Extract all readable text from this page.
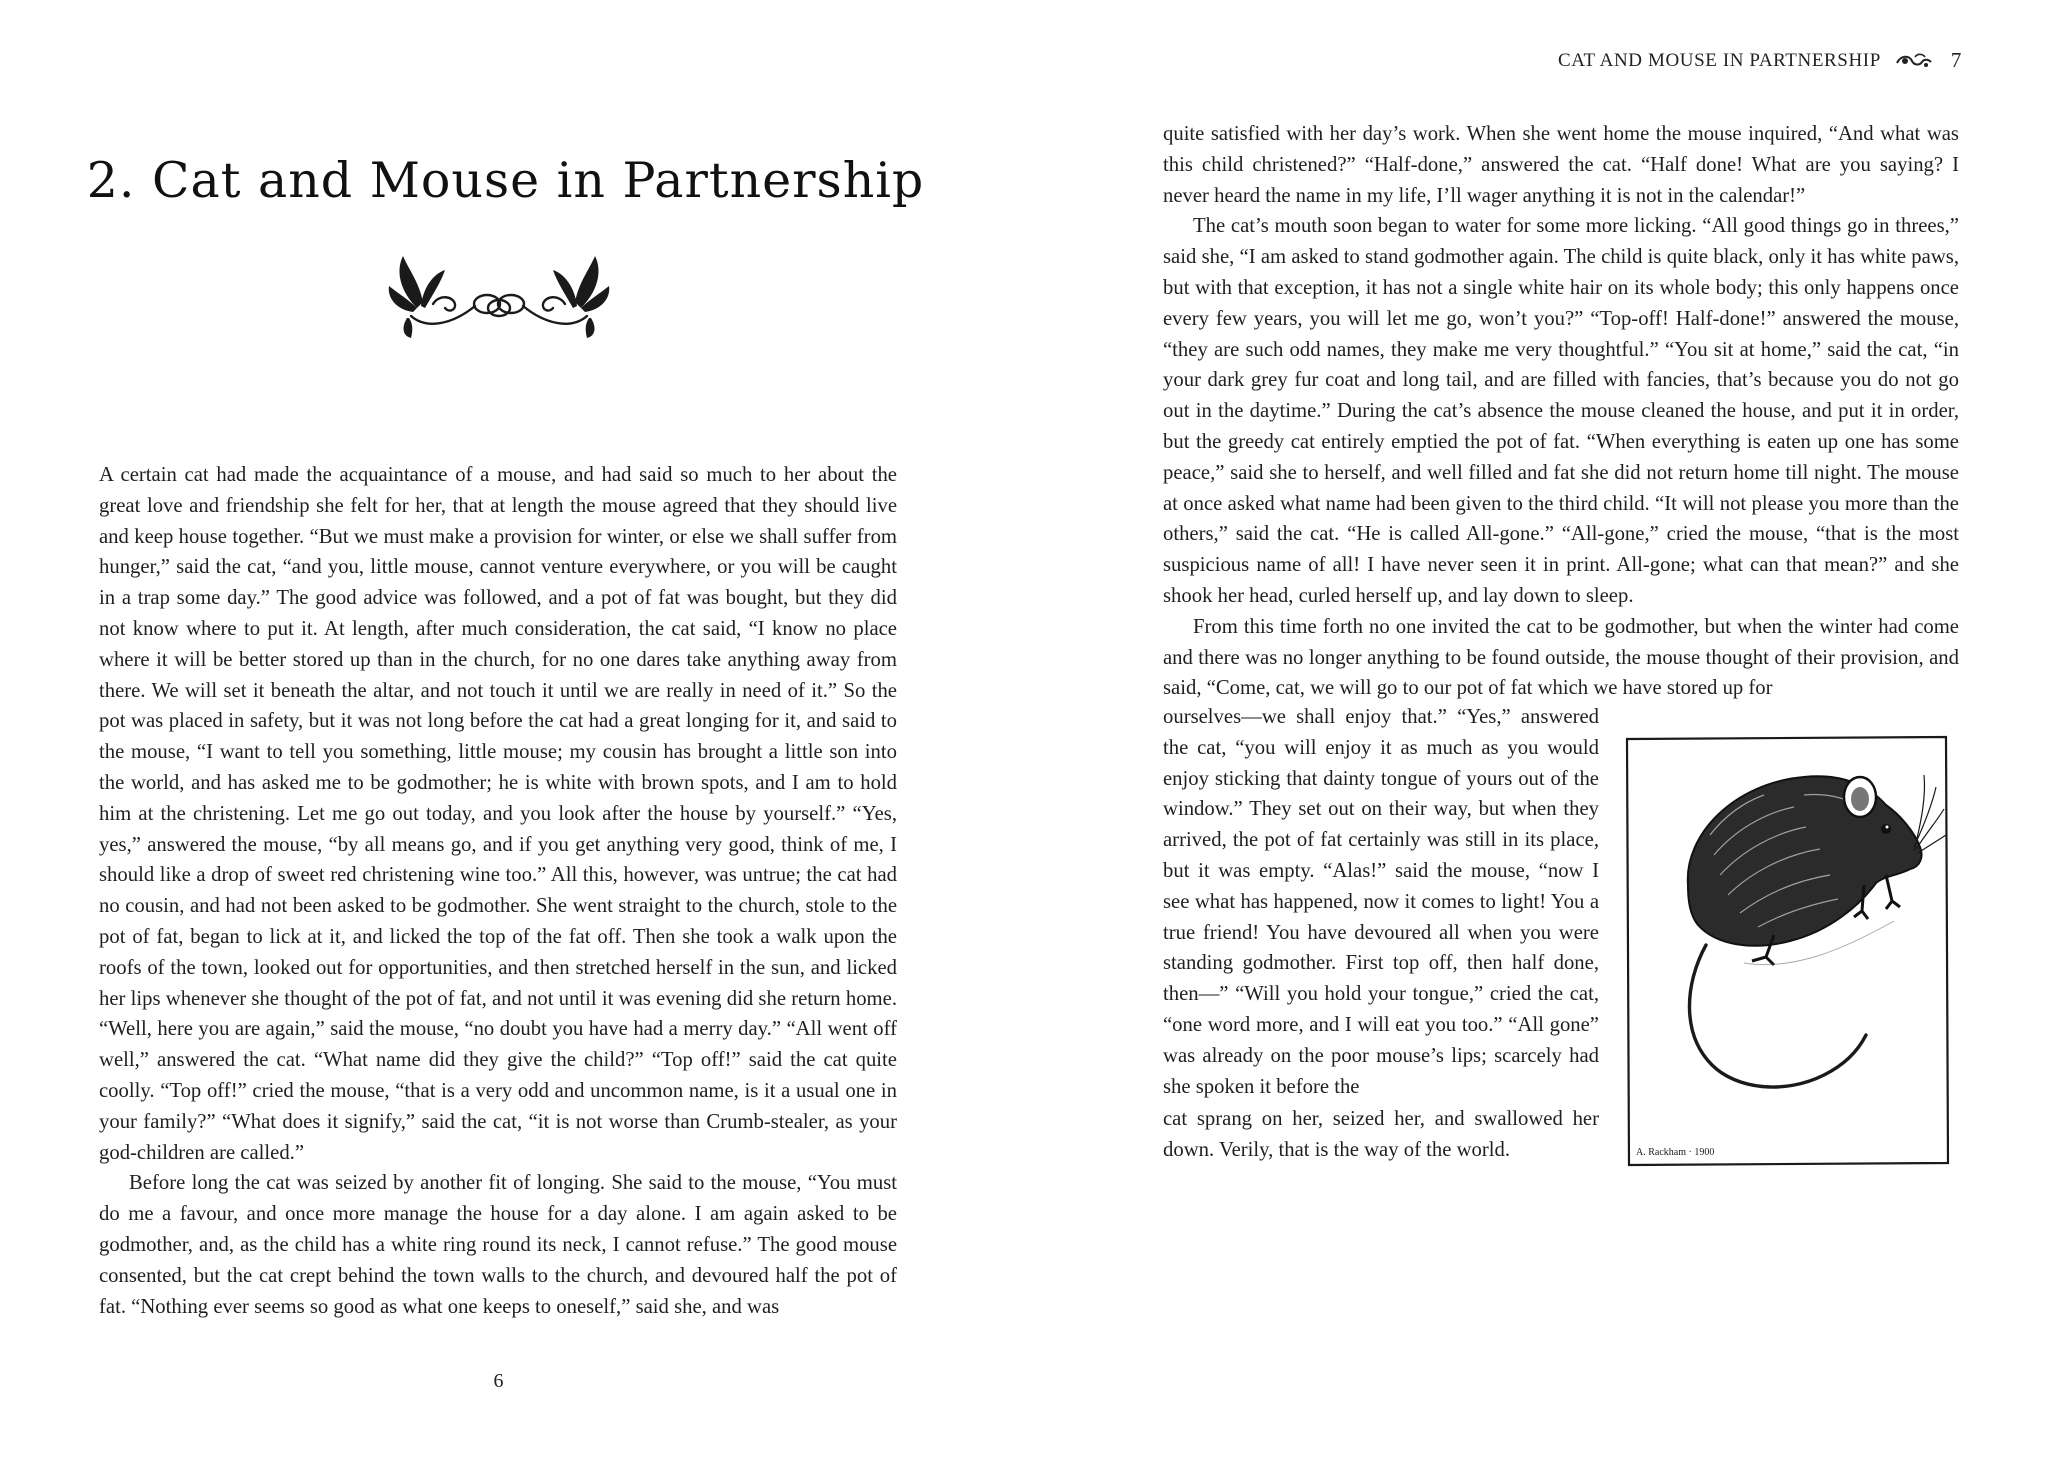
CAT AND MOUSE IN PARTNERSHIP	7
2. Cat and Mouse in Partnership

A certain cat had made the acquaintance of a mouse, and had said so much to her about the great love and friendship she felt for her, that at length the mouse agreed that they should live and keep house together. “But we must make a provision for winter, or else we shall suffer from hunger,” said the cat, “and you, little mouse, cannot venture everywhere, or you will be caught in a trap some day.” The good advice was followed, and a pot of fat was bought, but they did not know where to put it. At length, after much consideration, the cat said, “I know no place where it will be better stored up than in the church, for no one dares take anything away from there. We will set it beneath the altar, and not touch it until we are really in need of it.” So the pot was placed in safety, but it was not long before the cat had a great longing for it, and said to the mouse, “I want to tell you something, little mouse; my cousin has brought a little son into the world, and has asked me to be godmother; he is white with brown spots, and I am to hold him at the christening. Let me go out today, and you look after the house by yourself.” “Yes, yes,” answered the mouse, “by all means go, and if you get anything very good, think of me, I should like a drop of sweet red christening wine too.” All this, however, was untrue; the cat had no cousin, and had not been asked to be godmother. She went straight to the church, stole to the pot of fat, began to lick at it, and licked the top of the fat off. Then she took a walk upon the roofs of the town, looked out for opportunities, and then stretched herself in the sun, and licked her lips whenever she thought of the pot of fat, and not until it was evening did she return home. “Well, here you are again,” said the mouse, “no doubt you have had a merry day.” “All went off well,” answered the cat. “What name did they give the child?” “Top off!” said the cat quite coolly. “Top off!” cried the mouse, “that is a very odd and uncommon name, is it a usual one in your family?” “What does it signify,” said the cat, “it is not worse than Crumb-stealer, as your god-children are called.”

Before long the cat was seized by another fit of longing. She said to the mouse, “You must do me a favour, and once more manage the house for a day alone. I am again asked to be godmother, and, as the child has a white ring round its neck, I cannot refuse.” The good mouse consented, but the cat crept behind the town walls to the church, and devoured half the pot of fat. “Nothing ever seems so good as what one keeps to oneself,” said she, and was

6

quite satisfied with her day’s work. When she went home the mouse inquired, “And what was this child christened?” “Half-done,” answered the cat. “Half done! What are you saying? I never heard the name in my life, I’ll wager anything it is not in the calendar!”

The cat’s mouth soon began to water for some more licking. “All good things go in threes,” said she, “I am asked to stand godmother again. The child is quite black, only it has white paws, but with that exception, it has not a single white hair on its whole body; this only happens once every few years, you will let me go, won’t you?” “Top-off! Half-done!” answered the mouse, “they are such odd names, they make me very thoughtful.” “You sit at home,” said the cat, “in your dark grey fur coat and long tail, and are filled with fancies, that’s because you do not go out in the daytime.” During the cat’s absence the mouse cleaned the house, and put it in order, but the greedy cat entirely emptied the pot of fat. “When everything is eaten up one has some peace,” said she to herself, and well filled and fat she did not return home till night. The mouse at once asked what name had been given to the third child. “It will not please you more than the others,” said the cat. “He is called All-gone.” “All-gone,” cried the mouse, “that is the most suspicious name of all! I have never seen it in print. All-gone; what can that mean?” and she shook her head, curled herself up, and lay down to sleep.

From this time forth no one invited the cat to be godmother, but when the winter had come and there was no longer anything to be found outside, the mouse thought of their provision, and said, “Come, cat, we will go to our pot of fat which we have stored up for

ourselves—we shall enjoy that.” “Yes,” answered the cat, “you will enjoy it as much as you would enjoy sticking that dainty tongue of yours out of the window.” They set out on their way, but when they arrived, the pot of fat certainly was still in its place, but it was empty. “Alas!” said the mouse, “now I see what has happened, now it comes to light! You a true friend! You have devoured all when you were standing godmother. First top off, then half done, then—” “Will you hold your tongue,” cried the cat, “one word more, and I will eat you too.” “All gone” was already on the poor mouse’s lips; scarcely had she spoken it before the

cat sprang on her, seized her, and swallowed her down. Verily, that is the way of the world.	A. Rackham · 1900
